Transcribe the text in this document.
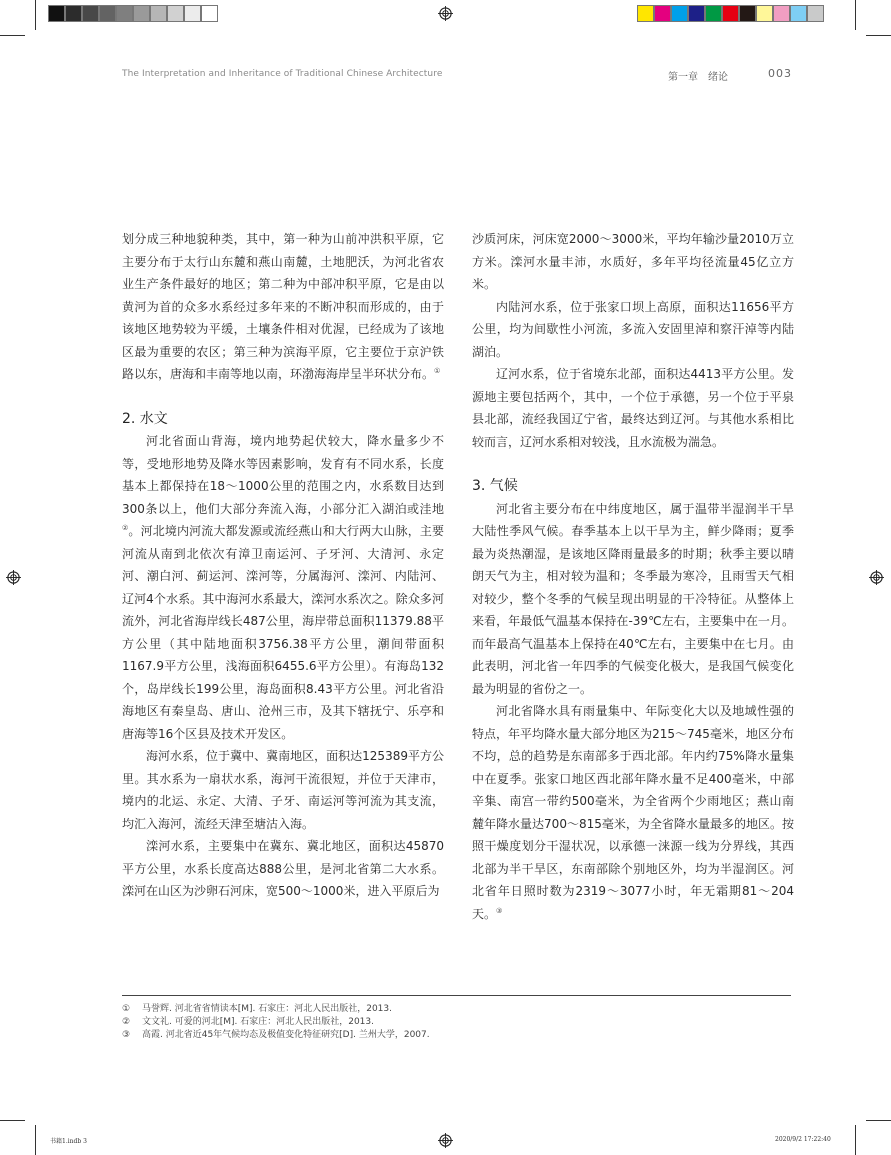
The Interpretation and Inheritance of Traditional Chinese Architecture	第一章　绪论	003

划分成三种地貌种类，其中，第一种为山前冲洪积平原，它主要分布于太行山东麓和燕山南麓，土地肥沃，为河北省农业生产条件最好的地区；第二种为中部冲积平原，它是由以黄河为首的众多水系经过多年来的不断冲积而形成的，由于该地区地势较为平缓，土壤条件相对优渥，已经成为了该地区最为重要的农区；第三种为滨海平原，它主要位于京沪铁路以东，唐海和丰南等地以南，环渤海海岸呈半环状分布。①

2. 水文

河北省面山背海，境内地势起伏较大，降水量多少不等，受地形地势及降水等因素影响，发育有不同水系，长度基本上都保持在18～1000公里的范围之内，水系数目达到300条以上，他们大部分奔流入海，小部分汇入湖泊或洼地②。河北境内河流大都发源或流经燕山和大行两大山脉，主要河流从南到北依次有漳卫南运河、子牙河、大清河、永定河、潮白河、蓟运河、滦河等，分属海河、滦河、内陆河、辽河4个水系。其中海河水系最大，滦河水系次之。除众多河流外，河北省海岸线长487公里，海岸带总面积11379.88平方公里（其中陆地面积3756.38平方公里，潮间带面积1167.9平方公里，浅海面积6455.6平方公里）。有海岛132个，岛岸线长199公里，海岛面积8.43平方公里。河北省沿海地区有秦皇岛、唐山、沧州三市，及其下辖抚宁、乐亭和唐海等16个区县及技术开发区。

海河水系，位于冀中、冀南地区，面积达125389平方公里。其水系为一扇状水系，海河干流很短，并位于天津市，境内的北运、永定、大清、子牙、南运河等河流为其支流，均汇入海河，流经天津至塘沽入海。

滦河水系，主要集中在冀东、冀北地区，面积达45870平方公里，水系长度高达888公里，是河北省第二大水系。滦河在山区为沙卵石河床，宽500～1000米，进入平原后为

沙质河床，河床宽2000～3000米，平均年输沙量2010万立方米。滦河水量丰沛，水质好，多年平均径流量45亿立方米。

内陆河水系，位于张家口坝上高原，面积达11656平方公里，均为间歇性小河流，多流入安固里淖和察汗淖等内陆湖泊。

辽河水系，位于省境东北部，面积达4413平方公里。发源地主要包括两个，其中，一个位于承德，另一个位于平泉县北部，流经我国辽宁省，最终达到辽河。与其他水系相比较而言，辽河水系相对较浅，且水流极为湍急。

3. 气候

河北省主要分布在中纬度地区，属于温带半湿润半干旱大陆性季风气候。春季基本上以干旱为主，鲜少降雨；夏季最为炎热潮湿，是该地区降雨量最多的时期；秋季主要以晴朗天气为主，相对较为温和；冬季最为寒冷，且雨雪天气相对较少，整个冬季的气候呈现出明显的干冷特征。从整体上来看，年最低气温基本保持在-39℃左右，主要集中在一月。而年最高气温基本上保持在40℃左右，主要集中在七月。由此表明，河北省一年四季的气候变化极大，是我国气候变化最为明显的省份之一。

河北省降水具有雨量集中、年际变化大以及地域性强的特点，年平均降水量大部分地区为215～745毫米，地区分布不均，总的趋势是东南部多于西北部。年内约75%降水量集中在夏季。张家口地区西北部年降水量不足400毫米，中部辛集、南宫一带约500毫米，为全省两个少雨地区；燕山南麓年降水量达700～815毫米，为全省降水量最多的地区。按照干燥度划分干湿状况，以承德一涞源一线为分界线，其西北部为半干旱区，东南部除个别地区外，均为半湿润区。河北省年日照时数为2319～3077小时，年无霜期81～204天。③

①	马誉辉. 河北省省情读本[M]. 石家庄：河北人民出版社，2013.
②	文文礼. 可爱的河北[M]. 石家庄：河北人民出版社，2013.
③	高霞. 河北省近45年气候均态及极值变化特征研究[D]. 兰州大学，2007.
书籍1.indb 3	2020/9/2 17:22:40
